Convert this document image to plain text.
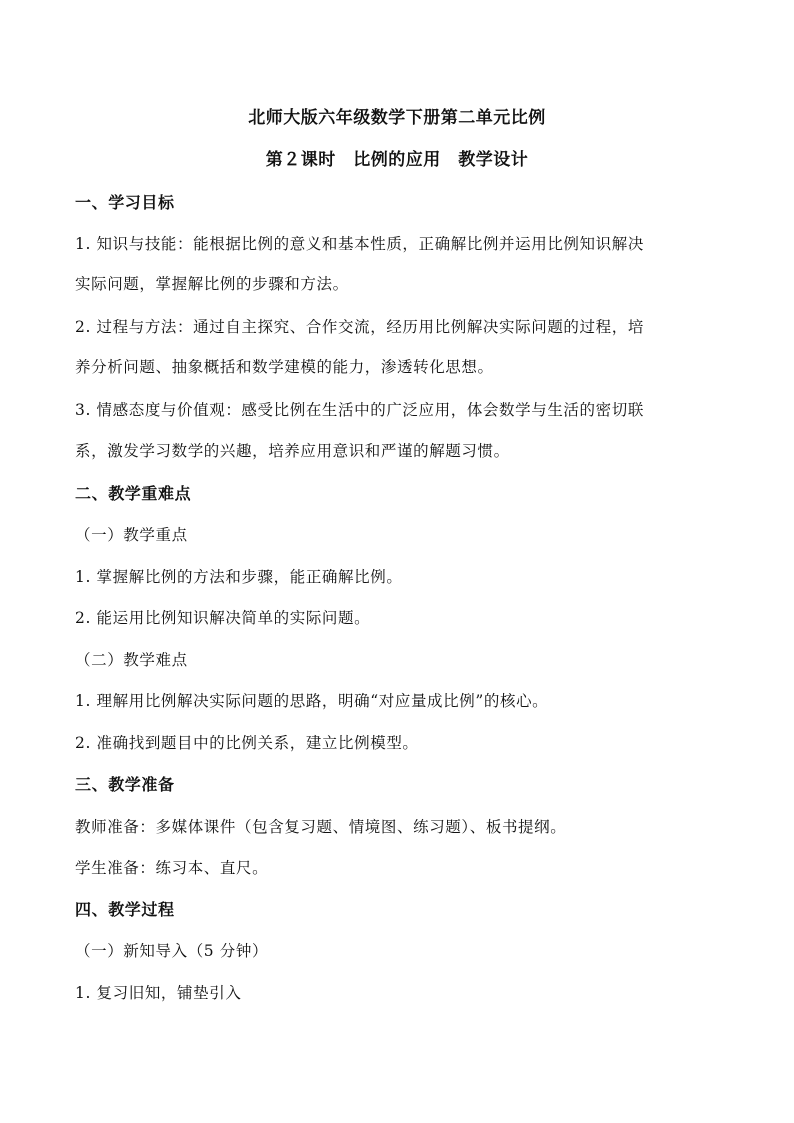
北师大版六年级数学下册第二单元比例
第２课时　比例的应用　教学设计
一、学习目标
1. 知识与技能：能根据比例的意义和基本性质，正确解比例并运用比例知识解决
实际问题，掌握解比例的步骤和方法。
2. 过程与方法：通过自主探究、合作交流，经历用比例解决实际问题的过程，培
养分析问题、抽象概括和数学建模的能力，渗透转化思想。
3. 情感态度与价值观：感受比例在生活中的广泛应用，体会数学与生活的密切联
系，激发学习数学的兴趣，培养应用意识和严谨的解题习惯。
二、教学重难点
（一）教学重点
1. 掌握解比例的方法和步骤，能正确解比例。
2. 能运用比例知识解决简单的实际问题。
（二）教学难点
1. 理解用比例解决实际问题的思路，明确“对应量成比例”的核心。
2. 准确找到题目中的比例关系，建立比例模型。
三、教学准备
教师准备：多媒体课件（包含复习题、情境图、练习题）、板书提纲。
学生准备：练习本、直尺。
四、教学过程
（一）新知导入（5 分钟）
1. 复习旧知，铺垫引入
